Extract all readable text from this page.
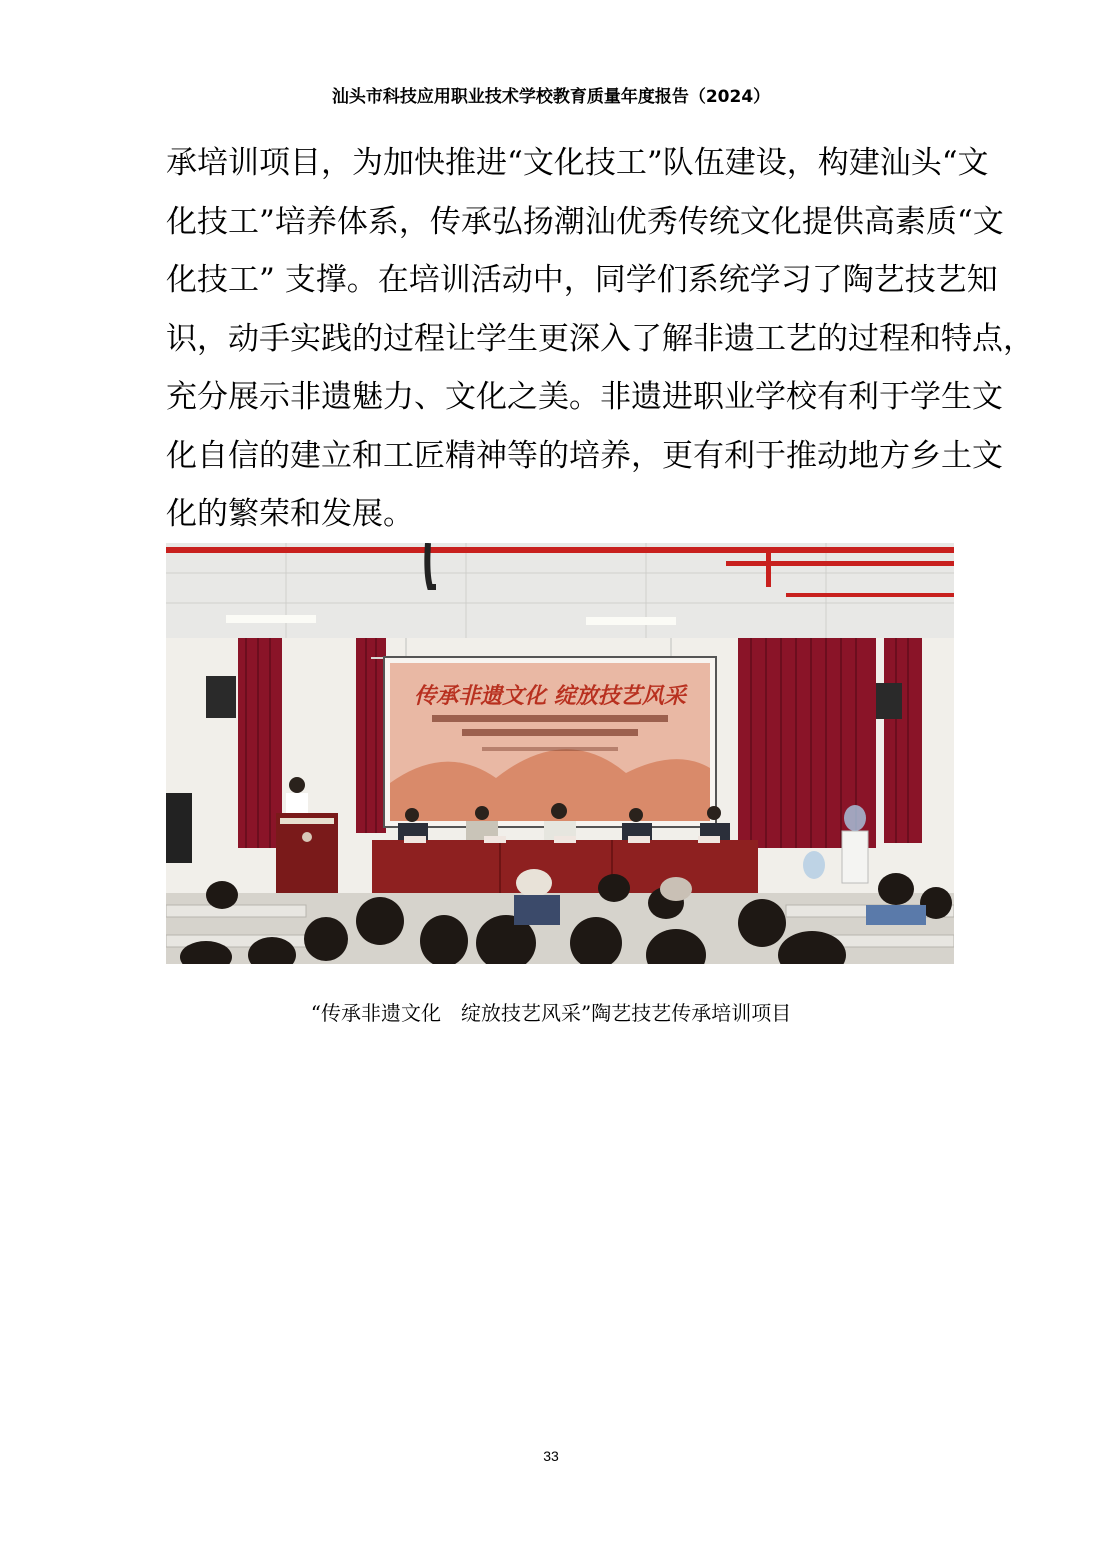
汕头市科技应用职业技术学校教育质量年度报告（2024）
承培训项目，为加快推进“文化技工”队伍建设，构建汕头“文
化技工”培养体系，传承弘扬潮汕优秀传统文化提供高素质“文
化技工” 支撑。在培训活动中，同学们系统学习了陶艺技艺知
识，动手实践的过程让学生更深入了解非遗工艺的过程和特点，
充分展示非遗魅力、文化之美。非遗进职业学校有利于学生文
化自信的建立和工匠精神等的培养，更有利于推动地方乡土文
化的繁荣和发展。
传承非遗文化 绽放技艺风采
“传承非遗文化　绽放技艺风采”陶艺技艺传承培训项目
33
